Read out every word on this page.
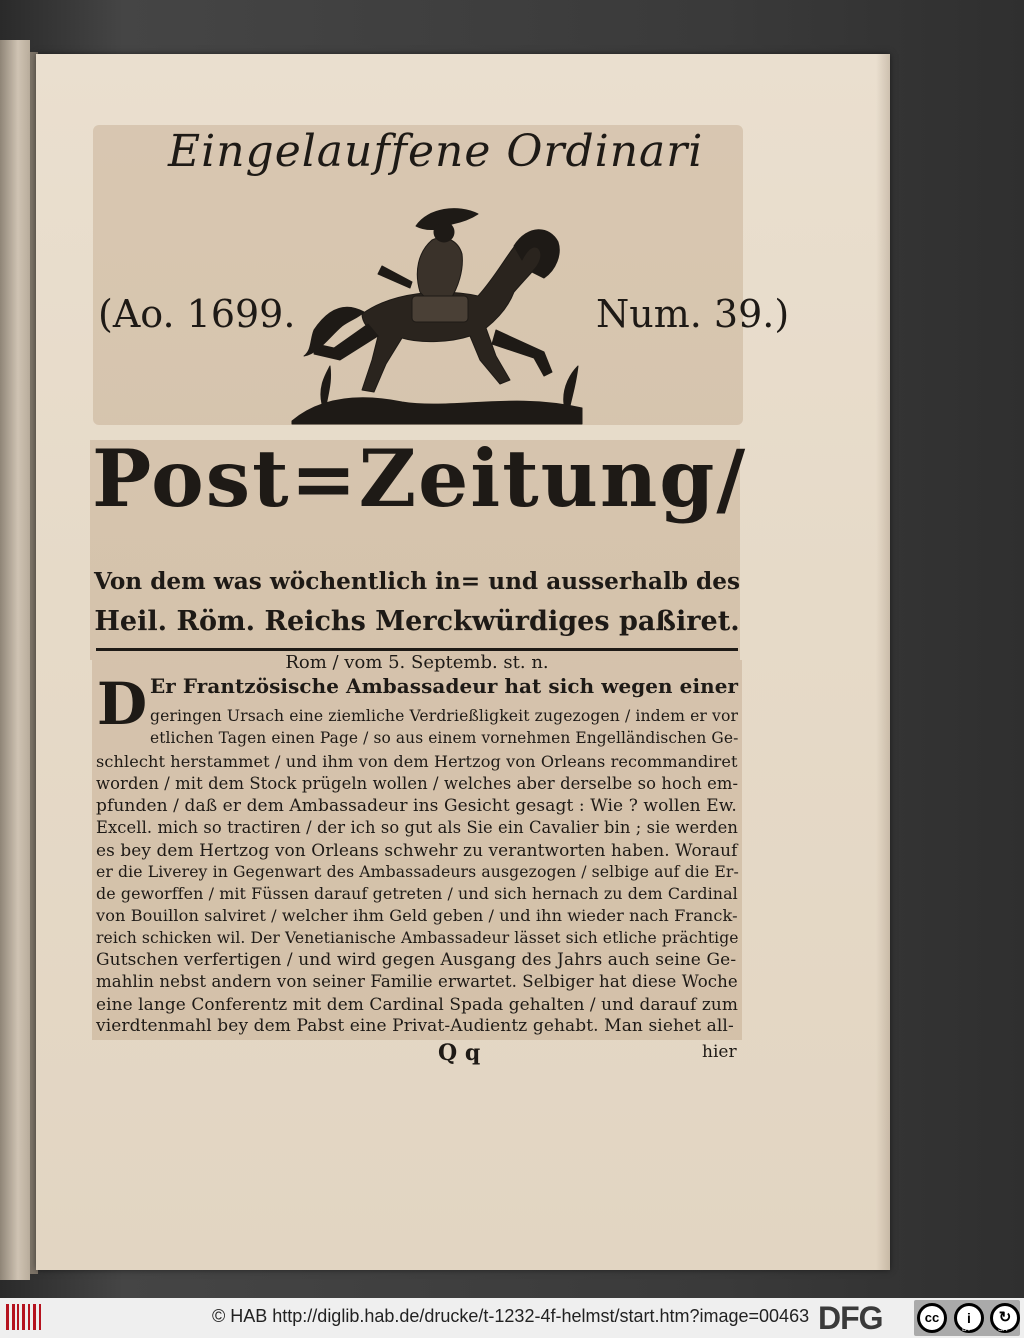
Eingelauffene Ordinari
(Ao. 1699.	Num. 39.)
Post=Zeitung/
Von dem was wöchentlich in= und ausserhalb des
Heil. Röm. Reichs Merckwürdiges paßiret.
Rom / vom 5. Septemb. st. n.
D Er Frantzösische Ambassadeur hat sich wegen einer
geringen Ursach eine ziemliche Verdrießligkeit zugezogen / indem er vor
etlichen Tagen einen Page / so aus einem vornehmen Engelländischen Ge-
schlecht herstammet / und ihm von dem Hertzog von Orleans recommandiret
worden / mit dem Stock prügeln wollen / welches aber derselbe so hoch em-
pfunden / daß er dem Ambassadeur ins Gesicht gesagt : Wie ? wollen Ew.
Excell. mich so tractiren / der ich so gut als Sie ein Cavalier bin ; sie werden
es bey dem Hertzog von Orleans schwehr zu verantworten haben. Worauf
er die Liverey in Gegenwart des Ambassadeurs ausgezogen / selbige auf die Er-
de geworffen / mit Füssen darauf getreten / und sich hernach zu dem Cardinal
von Bouillon salviret / welcher ihm Geld geben / und ihn wieder nach Franck-
reich schicken wil. Der Venetianische Ambassadeur lässet sich etliche prächtige
Gutschen verfertigen / und wird gegen Ausgang des Jahrs auch seine Ge-
mahlin nebst andern von seiner Familie erwartet. Selbiger hat diese Woche
eine lange Conferentz mit dem Cardinal Spada gehalten / und darauf zum
vierdtenmahl bey dem Pabst eine Privat-Audientz gehabt. Man siehet all-
Q q	hier
© HAB http://diglib.hab.de/drucke/t-1232-4f-helmst/start.htm?image=00463 DFG	cc	i	↻
BY	SA
